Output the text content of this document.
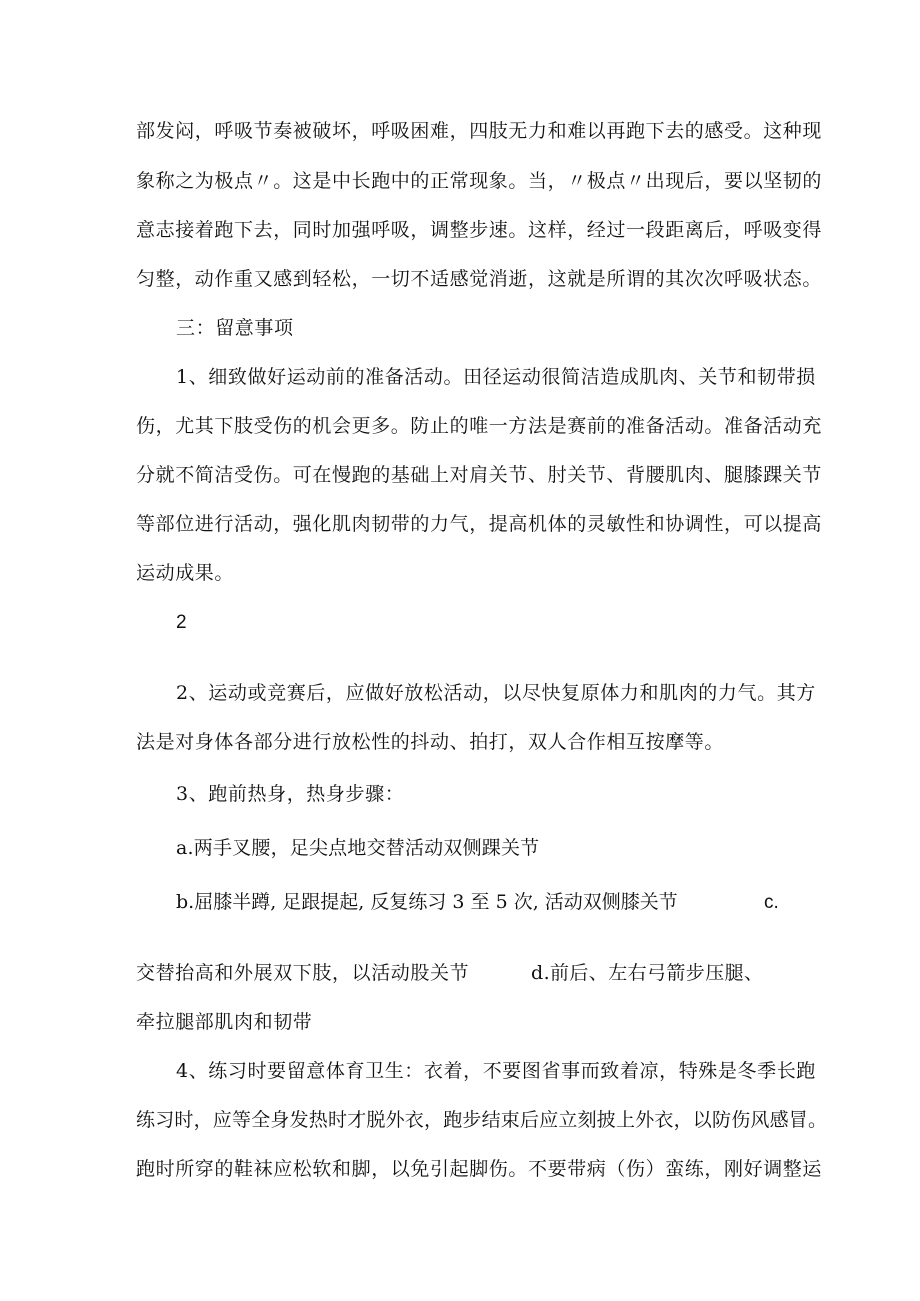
部发闷，呼吸节奏被破坏，呼吸困难，四肢无力和难以再跑下去的感受。这种现
象称之为极点〃。这是中长跑中的正常现象。当，〃极点〃出现后，要以坚韧的
意志接着跑下去，同时加强呼吸，调整步速。这样，经过一段距离后，呼吸变得
匀整，动作重又感到轻松，一切不适感觉消逝，这就是所谓的其次次呼吸状态。
三：留意事项
1、细致做好运动前的准备活动。田径运动很简洁造成肌肉、关节和韧带损
伤，尤其下肢受伤的机会更多。防止的唯一方法是赛前的准备活动。准备活动充
分就不简洁受伤。可在慢跑的基础上对肩关节、肘关节、背腰肌肉、腿膝踝关节
等部位进行活动，强化肌肉韧带的力气，提高机体的灵敏性和协调性，可以提高
运动成果。
2
2、运动或竞赛后，应做好放松活动，以尽快复原体力和肌肉的力气。其方
法是对身体各部分进行放松性的抖动、拍打，双人合作相互按摩等。
3、跑前热身，热身步骤：
a.两手叉腰，足尖点地交替活动双侧踝关节
b.屈膝半蹲, 足跟提起, 反复练习 3 至 5 次, 活动双侧膝关节	c.
交替抬高和外展双下肢，以活动股关节	d.前后、左右弓箭步压腿、
牵拉腿部肌肉和韧带
4、练习时要留意体育卫生：衣着，不要图省事而致着凉，特殊是冬季长跑
练习时，应等全身发热时才脱外衣，跑步结束后应立刻披上外衣，以防伤风感冒。
跑时所穿的鞋袜应松软和脚，以免引起脚伤。不要带病（伤）蛮练，刚好调整运
